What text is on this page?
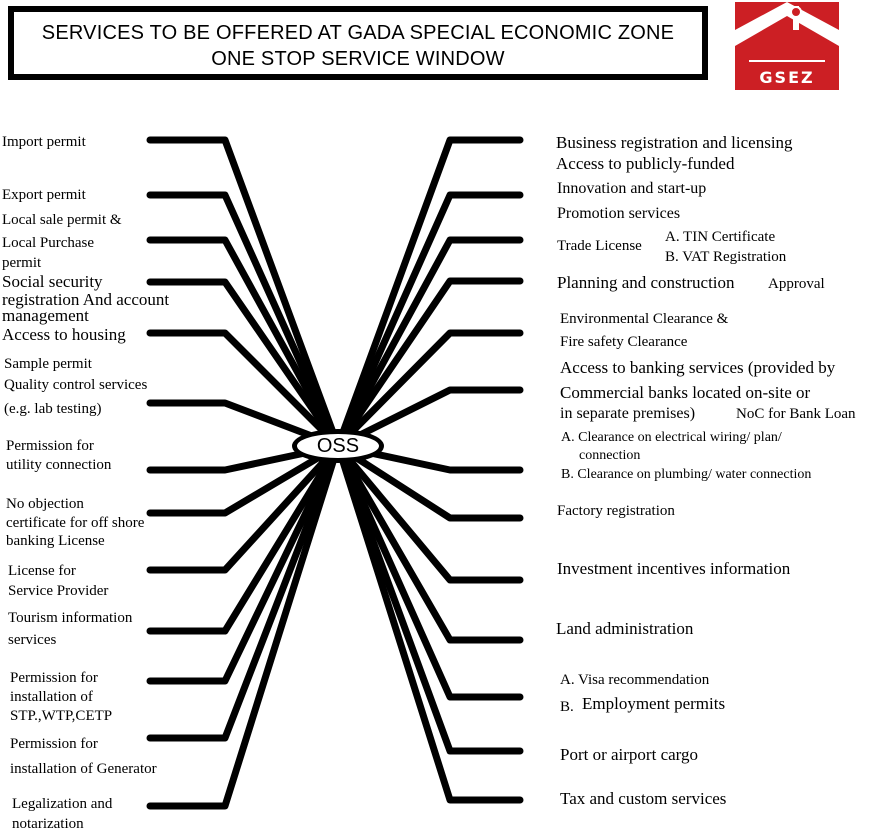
SERVICES TO BE OFFERED AT GADA SPECIAL ECONOMIC ZONE
ONE STOP SERVICE WINDOW
GSEZ
OSS
Import permit
Export permit
Local sale permit &
Local Purchase
permit
Social security
registration And account
management
Access to housing
Sample permit
Quality control services
(e.g. lab testing)
Permission for
utility connection
No objection
certificate for off shore
banking License
License for
Service Provider
Tourism information
services
Permission for
installation of
STP.,WTP,CETP
Permission for
installation of Generator
Legalization and
notarization
Business registration and licensing
Access to publicly-funded
Innovation and start-up
Promotion services
Trade License
A. TIN Certificate
B. VAT Registration
Planning and construction Approval
Environmental Clearance &
Fire safety Clearance
Access to banking services (provided by
Commercial banks located on-site or
in separate premises)	NoC for Bank Loan
A. Clearance on electrical wiring/ plan/
connection
B. Clearance on plumbing/ water connection
Factory registration
Investment incentives information
Land administration
A. Visa recommendation
B. Employment permits
Port or airport cargo
Tax and custom services
